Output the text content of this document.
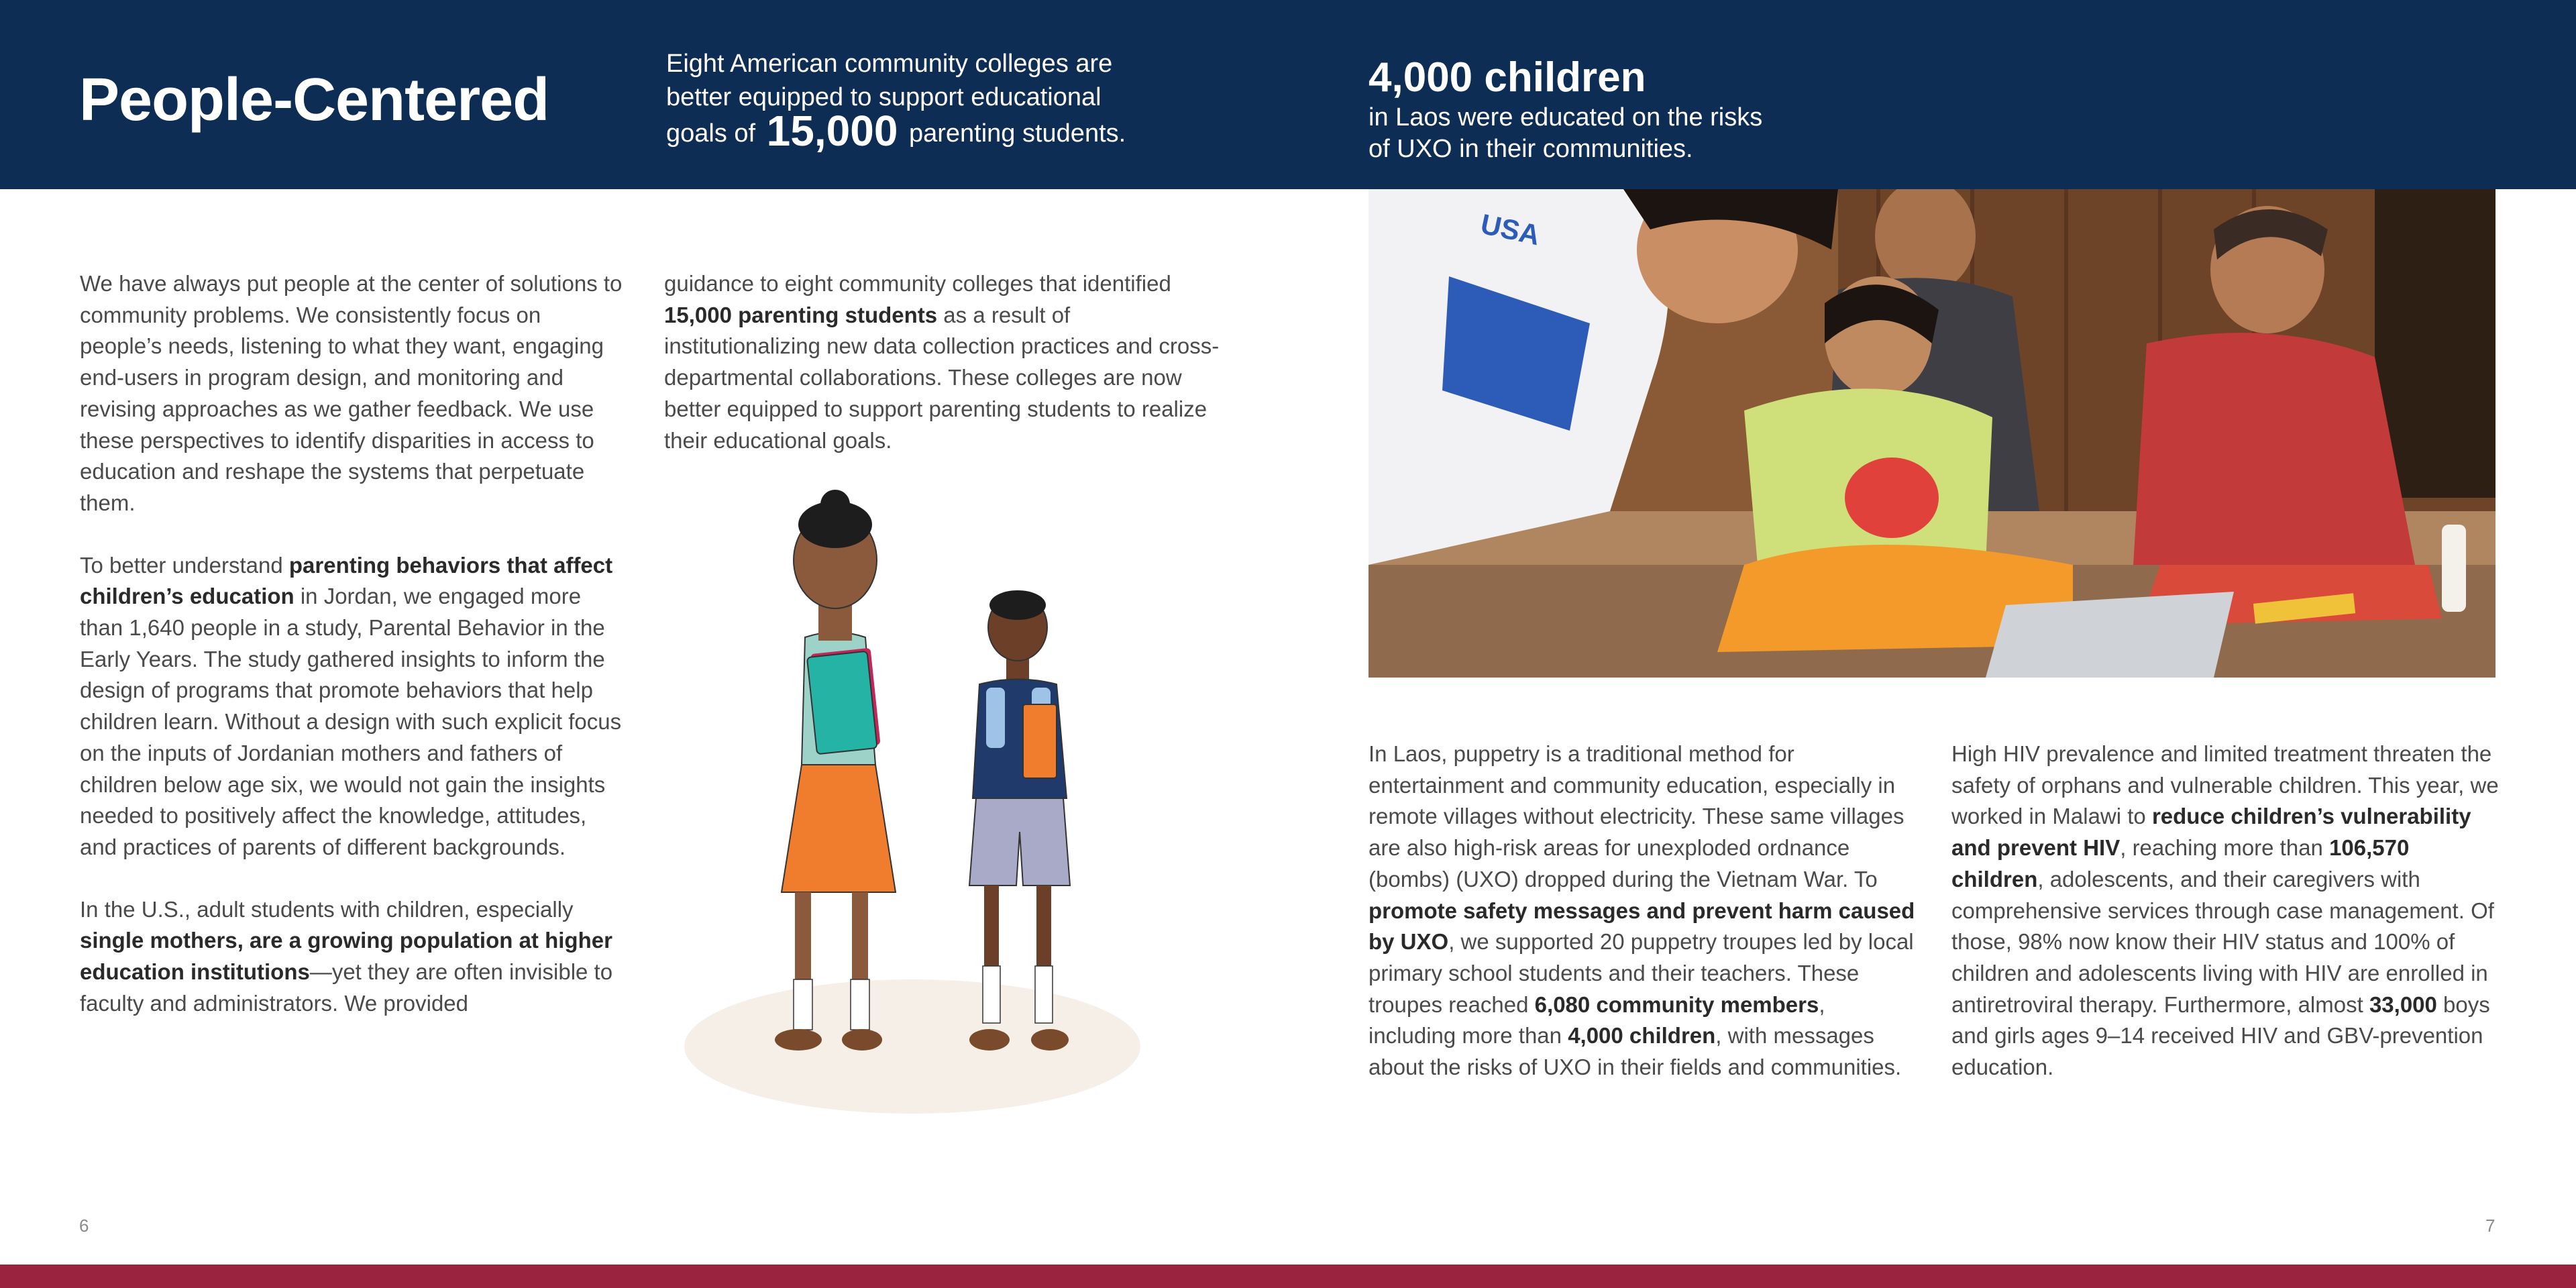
People-Centered
Eight American community colleges are
better equipped to support educational
goals of 15,000 parenting students.
4,000 children
in Laos were educated on the risks
of UXO in their communities.

We have always put people at the center of solutions to community problems. We consistently focus on people’s needs, listening to what they want, engaging end-users in program design, and monitoring and revising approaches as we gather feedback. We use these perspectives to identify disparities in access to education and reshape the systems that perpetuate them.

To better understand parenting behaviors that affect children’s education in Jordan, we engaged more than 1,640 people in a study, Parental Behavior in the Early Years. The study gathered insights to inform the design of programs that promote behaviors that help children learn. Without a design with such explicit focus on the inputs of Jordanian mothers and fathers of children below age six, we would not gain the insights needed to positively affect the knowledge, attitudes, and practices of parents of different backgrounds.

In the U.S., adult students with children, especially single mothers, are a growing population at higher education institutions—yet they are often invisible to faculty and administrators. We provided

guidance to eight community colleges that identified 15,000 parenting students as a result of institutionalizing new data collection practices and cross-departmental collaborations. These colleges are now better equipped to support parenting students to realize their educational goals.

USA

In Laos, puppetry is a traditional method for entertainment and community education, especially in remote villages without electricity. These same villages are also high-risk areas for unexploded ordnance (bombs) (UXO) dropped during the Vietnam War. To promote safety messages and prevent harm caused by UXO, we supported 20 puppetry troupes led by local primary school students and their teachers. These troupes reached 6,080 community members, including more than 4,000 children, with messages about the risks of UXO in their fields and communities.

High HIV prevalence and limited treatment threaten the safety of orphans and vulnerable children. This year, we worked in Malawi to reduce children’s vulnerability and prevent HIV, reaching more than 106,570 children, adolescents, and their caregivers with comprehensive services through case management. Of those, 98% now know their HIV status and 100% of children and adolescents living with HIV are enrolled in antiretroviral therapy. Furthermore, almost 33,000 boys and girls ages 9–14 received HIV and GBV-prevention education.

6	7
